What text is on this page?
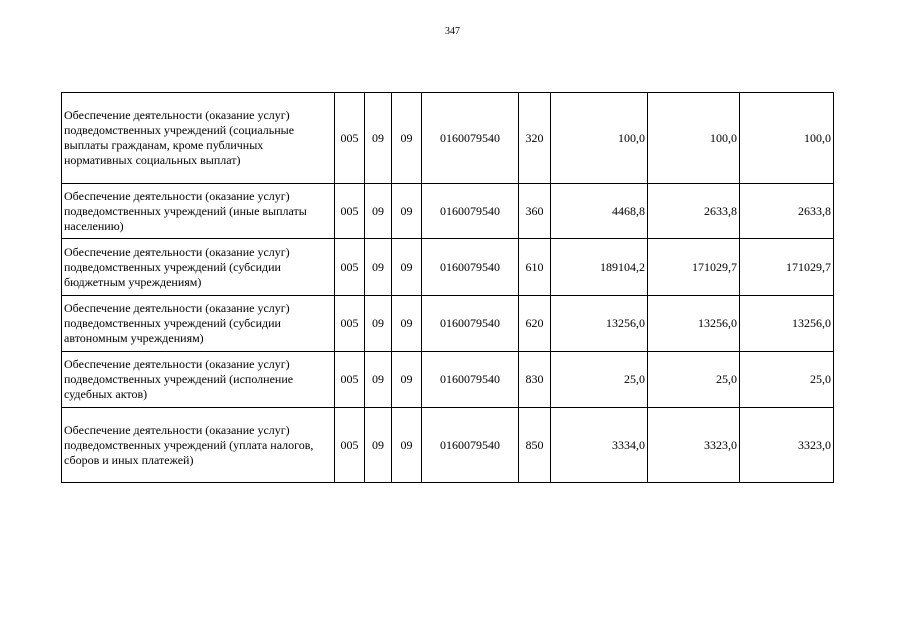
347
Обеспечение деятельности (оказание услуг) подведомственных учреждений (социальные выплаты гражданам, кроме публичных нормативных социальных выплат)	005	09	09	0160079540	320	100,0	100,0	100,0
Обеспечение деятельности (оказание услуг) подведомственных учреждений (иные выплаты населению)	005	09	09	0160079540	360	4468,8	2633,8	2633,8
Обеспечение деятельности (оказание услуг) подведомственных учреждений (субсидии бюджетным учреждениям)	005	09	09	0160079540	610	189104,2	171029,7	171029,7
Обеспечение деятельности (оказание услуг) подведомственных учреждений (субсидии автономным учреждениям)	005	09	09	0160079540	620	13256,0	13256,0	13256,0
Обеспечение деятельности (оказание услуг) подведомственных учреждений (исполнение судебных актов)	005	09	09	0160079540	830	25,0	25,0	25,0
Обеспечение деятельности (оказание услуг) подведомственных учреждений (уплата налогов, сборов и иных платежей)	005	09	09	0160079540	850	3334,0	3323,0	3323,0
